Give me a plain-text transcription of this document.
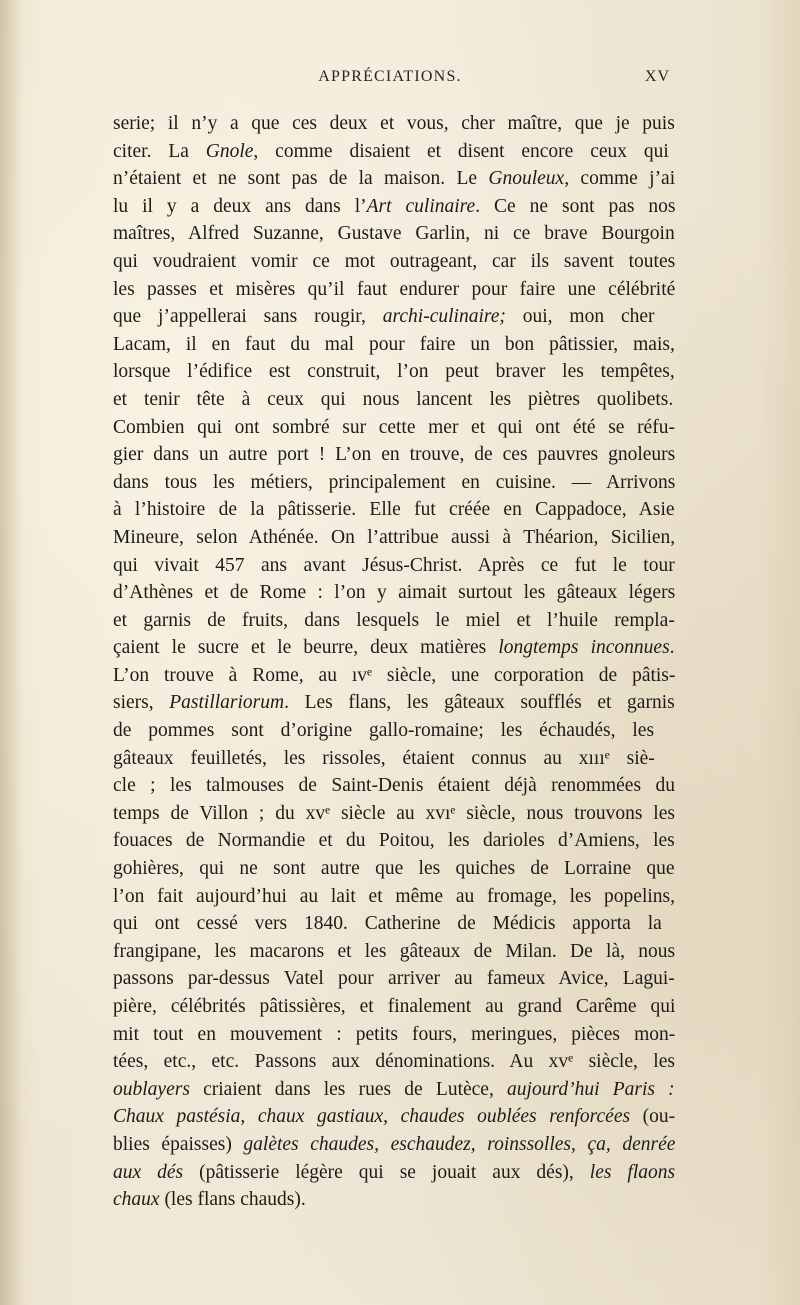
APPRÉCIATIONS.	XV
serie; il n’y a que ces deux et vous, cher maître, que je puis
citer. La Gnole, comme disaient et disent encore ceux qui
n’étaient et ne sont pas de la maison. Le Gnouleux, comme j’ai
lu il y a deux ans dans l’Art culinaire. Ce ne sont pas nos
maîtres, Alfred Suzanne, Gustave Garlin, ni ce brave Bourgoin
qui voudraient vomir ce mot outrageant, car ils savent toutes
les passes et misères qu’il faut endurer pour faire une célébrité
que j’appellerai sans rougir, archi-culinaire; oui, mon cher
Lacam, il en faut du mal pour faire un bon pâtissier, mais,
lorsque l’édifice est construit, l’on peut braver les tempêtes,
et tenir tête à ceux qui nous lancent les piètres quolibets.
Combien qui ont sombré sur cette mer et qui ont été se réfu-
gier dans un autre port ! L’on en trouve, de ces pauvres gnoleurs
dans tous les métiers, principalement en cuisine. — Arrivons
à l’histoire de la pâtisserie. Elle fut créée en Cappadoce, Asie
Mineure, selon Athénée. On l’attribue aussi à Théarion, Sicilien,
qui vivait 457 ans avant Jésus-Christ. Après ce fut le tour
d’Athènes et de Rome : l’on y aimait surtout les gâteaux légers
et garnis de fruits, dans lesquels le miel et l’huile rempla-
çaient le sucre et le beurre, deux matières longtemps inconnues.
L’on trouve à Rome, au ıvᵉ siècle, une corporation de pâtis-
siers, Pastillariorum. Les flans, les gâteaux soufflés et garnis
de pommes sont d’origine gallo-romaine; les échaudés, les
gâteaux feuilletés, les rissoles, étaient connus au xıııᵉ siè-
cle ; les talmouses de Saint-Denis étaient déjà renommées du
temps de Villon ; du xvᵉ siècle au xvıᵉ siècle, nous trouvons les
fouaces de Normandie et du Poitou, les darioles d’Amiens, les
gohières, qui ne sont autre que les quiches de Lorraine que
l’on fait aujourd’hui au lait et même au fromage, les popelins,
qui ont cessé vers 1840. Catherine de Médicis apporta la
frangipane, les macarons et les gâteaux de Milan. De là, nous
passons par-dessus Vatel pour arriver au fameux Avice, Lagui-
pière, célébrités pâtissières, et finalement au grand Carême qui
mit tout en mouvement : petits fours, meringues, pièces mon-
tées, etc., etc. Passons aux dénominations. Au xvᵉ siècle, les
oublayers criaient dans les rues de Lutèce, aujourd’hui Paris :
Chaux pastésia, chaux gastiaux, chaudes oublées renforcées (ou-
blies épaisses) galètes chaudes, eschaudez, roinssolles, ça, denrée
aux dés (pâtisserie légère qui se jouait aux dés), les flaons
chaux (les flans chauds).
